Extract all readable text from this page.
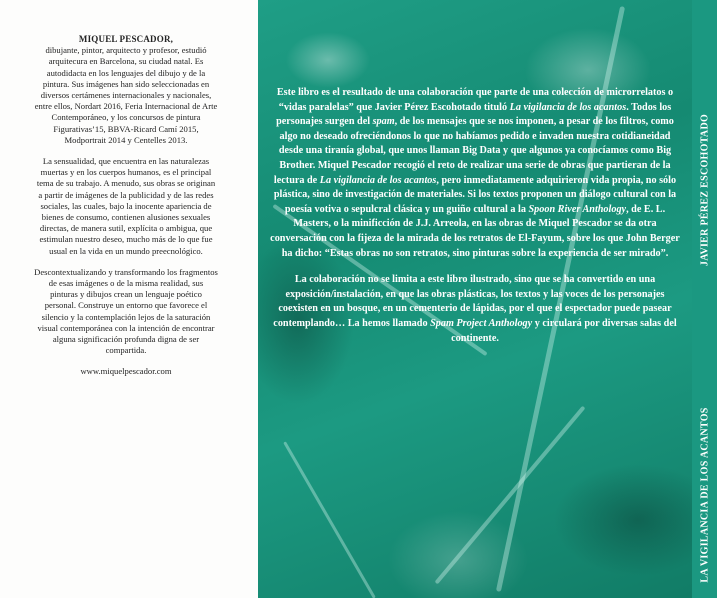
MIQUEL PESCADOR,
dibujante, pintor, arquitecto y profesor, estudió arquitecura en Barcelona, su ciudad natal. Es autodidacta en los lenguajes del dibujo y de la pintura. Sus imágenes han sido seleccionadas en diversos certámenes internacionales y nacionales, entre ellos, Nordart 2016, Feria Internacional de Arte Contemporáneo, y los concursos de pintura Figurativas’15, BBVA-Ricard Camí 2015, Modportrait 2014 y Centelles 2013.

La sensualidad, que encuentra en las naturalezas muertas y en los cuerpos humanos, es el principal tema de su trabajo. A menudo, sus obras se originan a partir de imágenes de la publicidad y de las redes sociales, las cuales, bajo la inocente apariencia de bienes de consumo, contienen alusiones sexuales directas, de manera sutil, explícita o ambigua, que estimulan nuestro deseo, mucho más de lo que fue usual en la vida en un mundo preecnológico.

Descontextualizando y transformando los fragmentos de esas imágenes o de la misma realidad, sus pinturas y dibujos crean un lenguaje poético personal. Construye un entorno que favorece el silencio y la contemplación lejos de la saturación visual contemporánea con la intención de encontrar alguna significación profunda digna de ser compartida.

www.miquelpescador.com

Este libro es el resultado de una colaboración que parte de una colección de microrrelatos o “vidas paralelas” que Javier Pérez Escohotado tituló La vigilancia de los acantos. Todos los personajes surgen del spam, de los mensajes que se nos imponen, a pesar de los filtros, como algo no deseado ofreciéndonos lo que no habíamos pedido e invaden nuestra cotidianeidad desde una tiranía global, que unos llaman Big Data y que algunos ya conocíamos como Big Brother. Miquel Pescador recogió el reto de realizar una serie de obras que partieran de la lectura de La vigilancia de los acantos, pero inmediatamente adquirieron vida propia, no sólo plástica, sino de investigación de materiales. Si los textos proponen un diálogo cultural con la poesía votiva o sepulcral clásica y un guiño cultural a la Spoon River Anthology, de E. L. Masters, o la minificción de J.J. Arreola, en las obras de Miquel Pescador se da otra conversación con la fijeza de la mirada de los retratos de El-Fayum, sobre los que John Berger ha dicho: “Estas obras no son retratos, sino pinturas sobre la experiencia de ser mirado”.

La colaboración no se limita a este libro ilustrado, sino que se ha convertido en una exposición/instalación, en que las obras plásticas, los textos y las voces de los personajes coexisten en un bosque, en un cementerio de lápidas, por el que el espectador puede pasear contemplando… La hemos llamado Spam Project Anthology y circulará por diversas salas del continente.

JAVIER PÉREZ ESCOHOTADO
LA VIGILANCIA DE LOS ACANTOS
